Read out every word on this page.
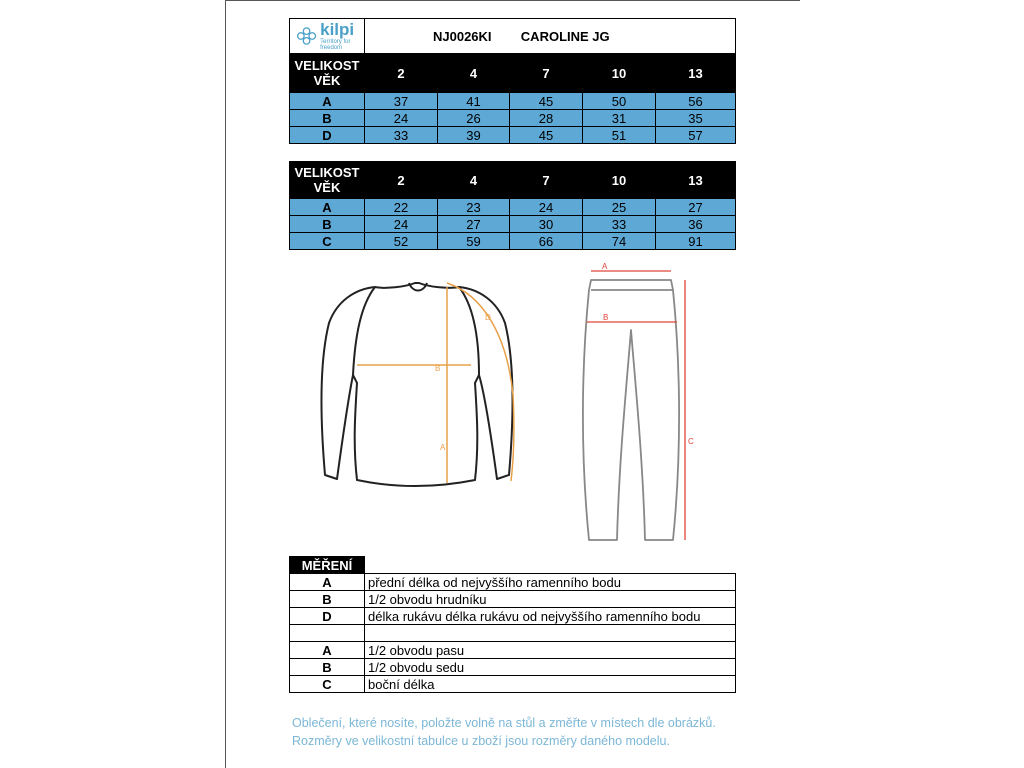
kilpi
Territory for freedom	NJ0026KI CAROLINE JG				
VELIKOST
VĚK	2	4	7	10	13
A	37	41	45	50	56
B	24	26	28	31	35
D	33	39	45	51	57
VELIKOST
VĚK	2	4	7	10	13
A	22	23	24	25	27
B	24	27	30	33	36
C	52	59	66	74	91
B
A
D
A
B
C
MĚŘENÍ	
A	přední délka od nejvyššího ramenního bodu
B	1/2 obvodu hrudníku
D	délka rukávu délka rukávu od nejvyššího ramenního bodu

A	1/2 obvodu pasu
B	1/2 obvodu sedu
C	boční délka
Oblečení, které nosíte, položte volně na stůl a změřte v místech dle obrázků.
Rozměry ve velikostní tabulce u zboží jsou rozměry daného modelu.
